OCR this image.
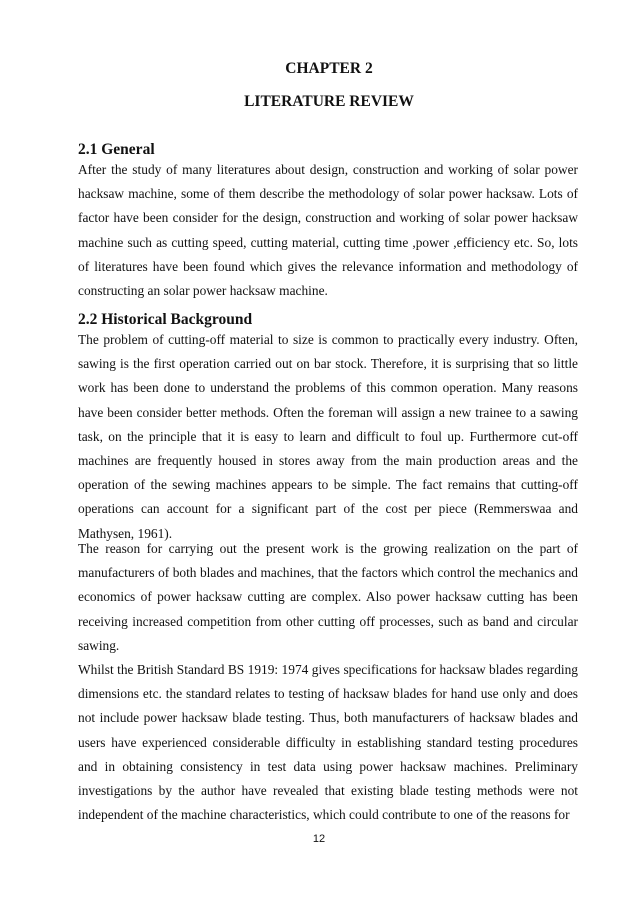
CHAPTER 2
LITERATURE REVIEW
2.1 General
After the study of many literatures about design, construction and working of solar power hacksaw machine, some of them describe the methodology of solar power hacksaw. Lots of factor have been consider for the design, construction and working of solar power hacksaw machine such as cutting speed, cutting material, cutting time ,power ,efficiency etc. So, lots of literatures have been found which gives the relevance information and methodology of constructing an solar power hacksaw machine.
2.2 Historical Background
The problem of cutting-off material to size is common to practically every industry. Often, sawing is the first operation carried out on bar stock. Therefore, it is surprising that so little work has been done to understand the problems of this common operation. Many reasons have been consider better methods. Often the foreman will assign a new trainee to a sawing task, on the principle that it is easy to learn and difficult to foul up. Furthermore cut-off machines are frequently housed in stores away from the main production areas and the operation of the sewing machines appears to be simple. The fact remains that cutting-off operations can account for a significant part of the cost per piece (Remmerswaa and Mathysen, 1961).
The reason for carrying out the present work is the growing realization on the part of manufacturers of both blades and machines, that the factors which control the mechanics and economics of power hacksaw cutting are complex. Also power hacksaw cutting has been receiving increased competition from other cutting off processes, such as band and circular sawing.
Whilst the British Standard BS 1919: 1974 gives specifications for hacksaw blades regarding dimensions etc. the standard relates to testing of hacksaw blades for hand use only and does not include power hacksaw blade testing. Thus, both manufacturers of hacksaw blades and users have experienced considerable difficulty in establishing standard testing procedures and in obtaining consistency in test data using power hacksaw machines. Preliminary investigations by the author have revealed that existing blade testing methods were not independent of the machine characteristics, which could contribute to one of the reasons for
12
